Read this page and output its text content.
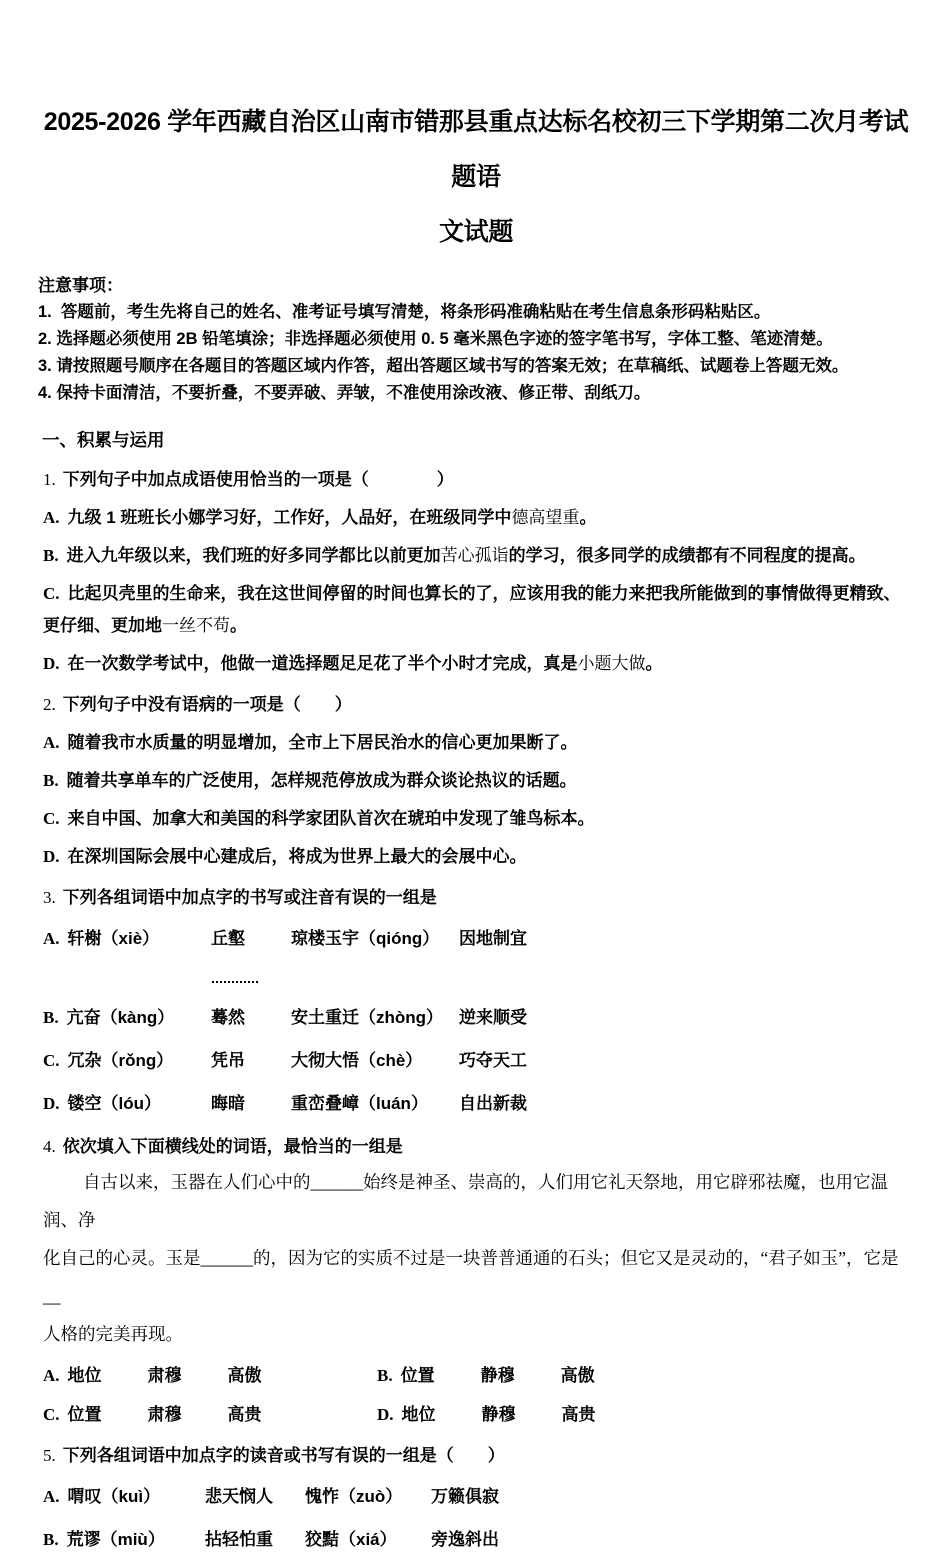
2025-2026 学年西藏自治区山南市错那县重点达标名校初三下学期第二次月考试题语
文试题
注意事项：
1.  答题前，考生先将自己的姓名、准考证号填写清楚，将条形码准确粘贴在考生信息条形码粘贴区。
2. 选择题必须使用 2B 铅笔填涂；非选择题必须使用 0. 5 毫米黑色字迹的签字笔书写，字体工整、笔迹清楚。
3. 请按照题号顺序在各题目的答题区域内作答，超出答题区域书写的答案无效；在草稿纸、试题卷上答题无效。
4. 保持卡面清洁，不要折叠，不要弄破、弄皱，不准使用涂改液、修正带、刮纸刀。
一、积累与运用
1. 下列句子中加点成语使用恰当的一项是（　　　　）
A. 九级 1 班班长小娜学习好，工作好，人品好，在班级同学中德高望重。
B. 进入九年级以来，我们班的好多同学都比以前更加苦心孤诣的学习，很多同学的成绩都有不同程度的提高。
C. 比起贝壳里的生命来，我在这世间停留的时间也算长的了，应该用我的能力来把我所能做到的事情做得更精致、更仔细、更加地一丝不苟。
D. 在一次数学考试中，他做一道选择题足足花了半个小时才完成，真是小题大做。
2. 下列句子中没有语病的一项是（　　）
A. 随着我市水质量的明显增加，全市上下居民治水的信心更加果断了。
B. 随着共享单车的广泛使用，怎样规范停放成为群众谈论热议的话题。
C. 来自中国、加拿大和美国的科学家团队首次在琥珀中发现了雏鸟标本。
D. 在深圳国际会展中心建成后，将成为世界上最大的会展中心。
3. 下列各组词语中加点字的书写或注音有误的一组是
A. 轩榭（xiè）	丘壑	琼楼玉宇（qióng）	因地制宜
B. 亢奋（kàng）	蓦然	安土重迁（zhòng） 逆来顺受
C. 冗杂（rǒng）	凭吊	大彻大悟（chè）	巧夺天工
D. 镂空（lóu）	晦暗	重峦叠嶂（luán）	自出新裁
4. 依次填入下面横线处的词语，最恰当的一组是
自古以来，玉器在人们心中的______始终是神圣、崇高的，人们用它礼天祭地，用它辟邪祛魔，也用它温润、净
化自己的心灵。玉是______的，因为它的实质不过是一块普普通通的石头；但它又是灵动的，“君子如玉”，它是__
人格的完美再现。
A. 地位	肃穆	高傲	B. 位置	静穆	高傲
C. 位置	肃穆	高贵	D. 地位	静穆	高贵
5. 下列各组词语中加点字的读音或书写有误的一组是（　　）
A. 喟叹（kuì）	悲天悯人	愧怍（zuò）	万籁俱寂
B. 荒谬（miù）	拈轻怕重	狡黠（xiá）	旁逸斜出
